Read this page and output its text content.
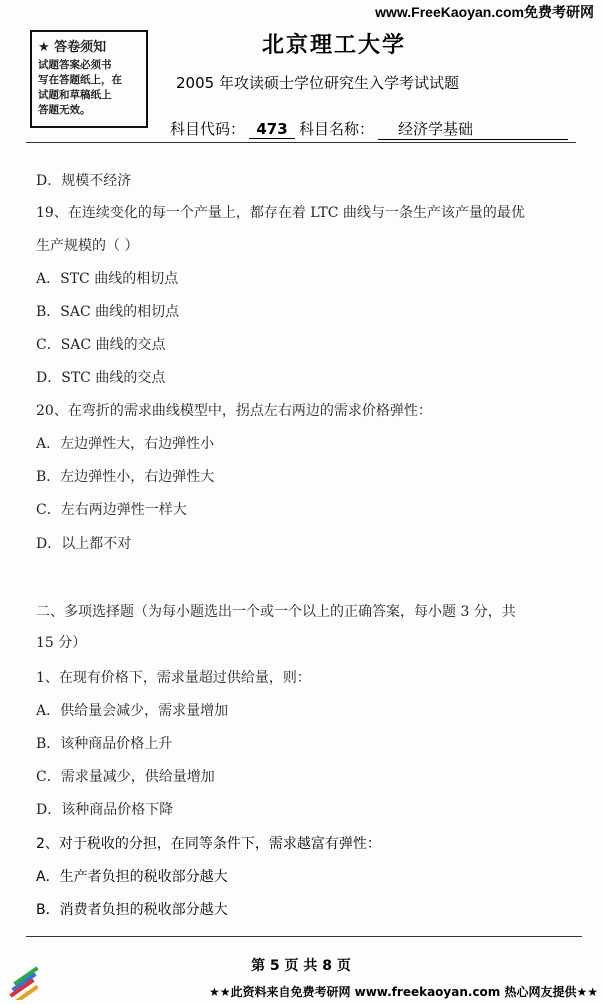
www.FreeKaoyan.com免费考研网
★ 答卷须知
试题答案必须书
写在答题纸上，在
试题和草稿纸上
答题无效。
北京理工大学
2005 年攻读硕士学位研究生入学考试试题
科目代码： 473 科目名称： 经济学基础
D．规模不经济
19、在连续变化的每一个产量上，都存在着 LTC 曲线与一条生产该产量的最优
生产规模的（ ）
A．STC 曲线的相切点
B．SAC 曲线的相切点
C．SAC 曲线的交点
D．STC 曲线的交点
20、在弯折的需求曲线模型中，拐点左右两边的需求价格弹性：
A．左边弹性大，右边弹性小
B．左边弹性小，右边弹性大
C．左右两边弹性一样大
D．以上都不对
二、多项选择题（为每小题选出一个或一个以上的正确答案，每小题 3 分，共
15 分）
1、在现有价格下，需求量超过供给量，则：
A．供给量会减少，需求量增加
B．该种商品价格上升
C．需求量减少，供给量增加
D．该种商品价格下降
2、对于税收的分担，在同等条件下，需求越富有弹性：
A．生产者负担的税收部分越大
B．消费者负担的税收部分越大
第 5 页 共 8 页
★★此资料来自免费考研网 www.freekaoyan.com 热心网友提供★★
